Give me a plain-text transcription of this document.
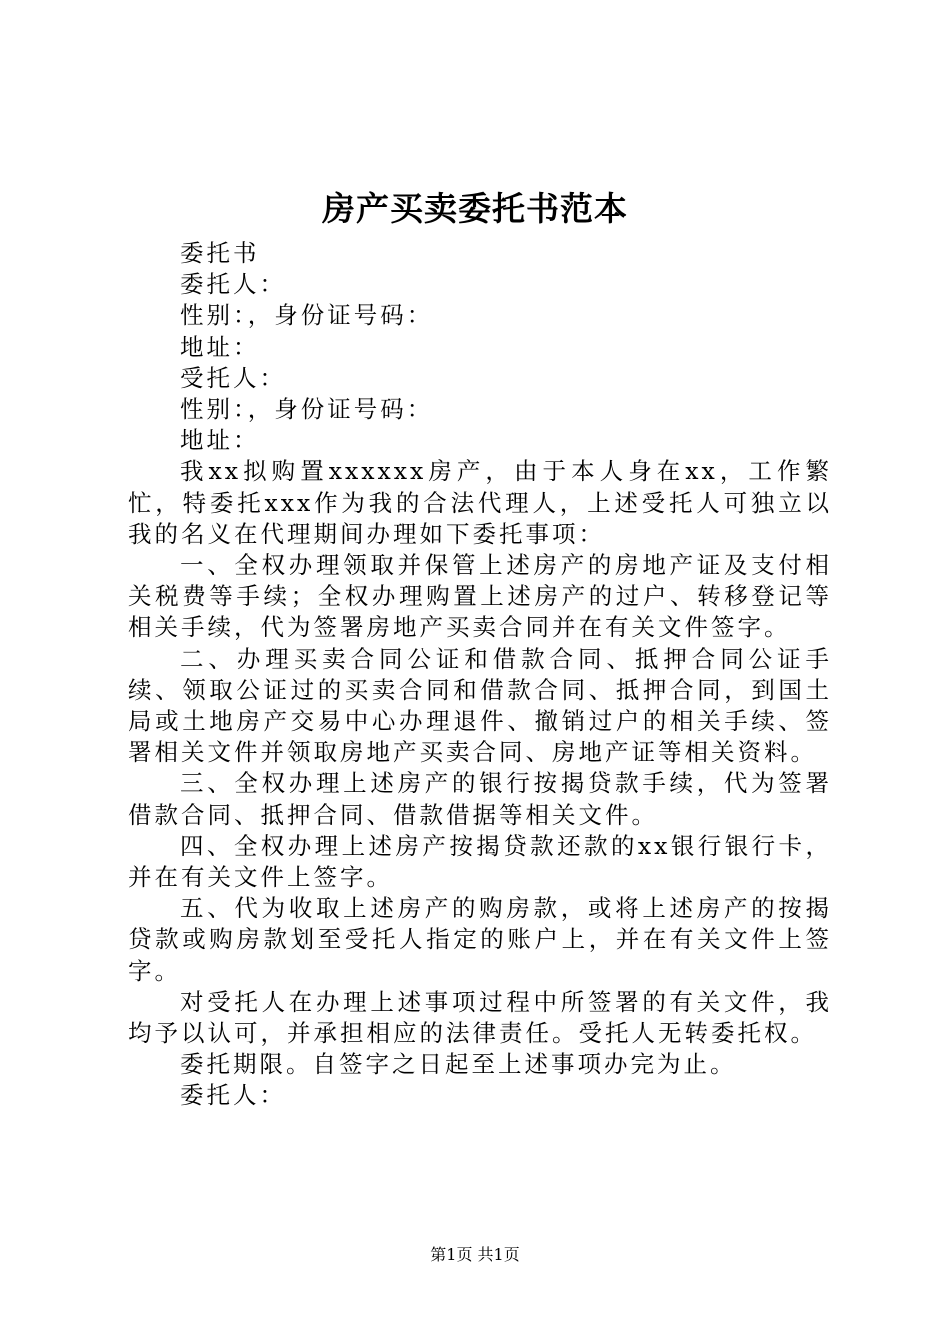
房产买卖委托书范本

委托书

委托人：

性别：，身份证号码：

地址：

受托人：

性别：，身份证号码：

地址：

我xx拟购置xxxxxx房产，由于本人身在xx，工作繁忙，特委托xxx作为我的合法代理人，上述受托人可独立以我的名义在代理期间办理如下委托事项：

一、全权办理领取并保管上述房产的房地产证及支付相关税费等手续；全权办理购置上述房产的过户、转移登记等相关手续，代为签署房地产买卖合同并在有关文件签字。

二、办理买卖合同公证和借款合同、抵押合同公证手续、领取公证过的买卖合同和借款合同、抵押合同，到国土局或土地房产交易中心办理退件、撤销过户的相关手续、签署相关文件并领取房地产买卖合同、房地产证等相关资料。

三、全权办理上述房产的银行按揭贷款手续，代为签署借款合同、抵押合同、借款借据等相关文件。

四、全权办理上述房产按揭贷款还款的xx银行银行卡，并在有关文件上签字。

五、代为收取上述房产的购房款，或将上述房产的按揭贷款或购房款划至受托人指定的账户上，并在有关文件上签字。

对受托人在办理上述事项过程中所签署的有关文件，我均予以认可，并承担相应的法律责任。受托人无转委托权。

委托期限。自签字之日起至上述事项办完为止。

委托人：

第1页 共1页
